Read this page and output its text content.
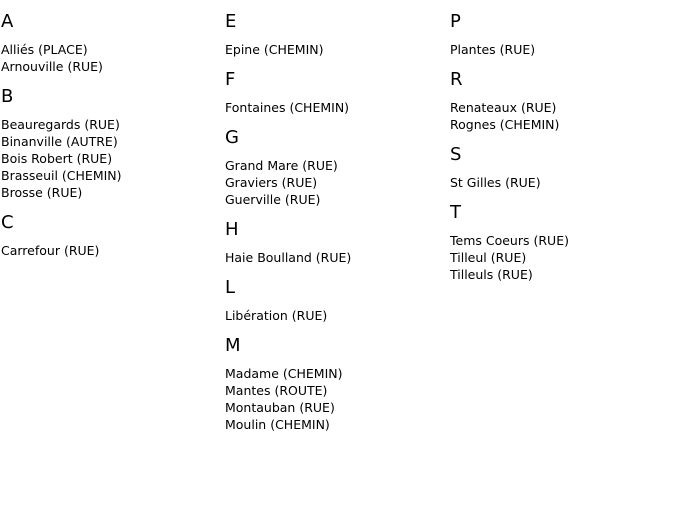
A
Alliés (PLACE)
Arnouville (RUE)
B
Beauregards (RUE)
Binanville (AUTRE)
Bois Robert (RUE)
Brasseuil (CHEMIN)
Brosse (RUE)
C
Carrefour (RUE)
E
Epine (CHEMIN)
F
Fontaines (CHEMIN)
G
Grand Mare (RUE)
Graviers (RUE)
Guerville (RUE)
H
Haie Boulland (RUE)
L
Libération (RUE)
M
Madame (CHEMIN)
Mantes (ROUTE)
Montauban (RUE)
Moulin (CHEMIN)
P
Plantes (RUE)
R
Renateaux (RUE)
Rognes (CHEMIN)
S
St Gilles (RUE)
T
Tems Coeurs (RUE)
Tilleul (RUE)
Tilleuls (RUE)
